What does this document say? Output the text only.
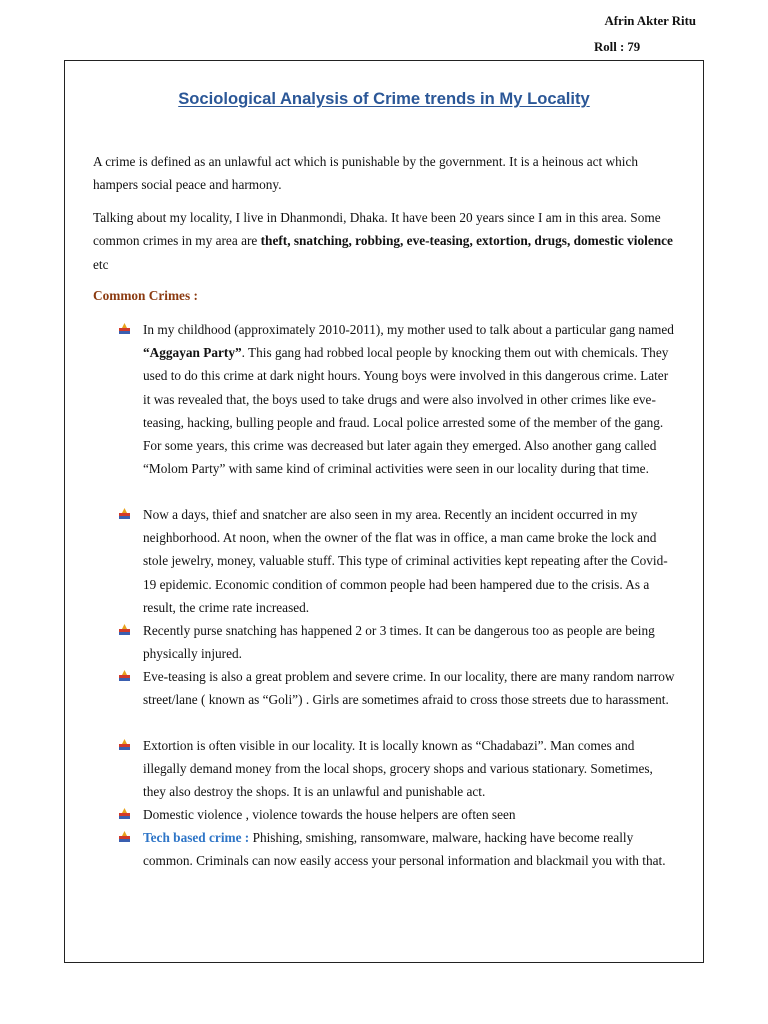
Afrin Akter Ritu
Roll : 79
Sociological Analysis of Crime trends in My Locality

A crime is defined as an unlawful act which is punishable by the government. It is a heinous act which hampers social peace and harmony.

Talking about my locality, I live in Dhanmondi, Dhaka. It have been 20 years since I am in this area. Some common crimes in my area are theft, snatching, robbing, eve-teasing, extortion, drugs, domestic violence etc

Common Crimes :
In my childhood (approximately 2010-2011), my mother used to talk about a particular gang named “Aggayan Party”. This gang had robbed local people by knocking them out with chemicals. They used to do this crime at dark night hours. Young boys were involved in this dangerous crime. Later it was revealed that, the boys used to take drugs and were also involved in other crimes like eve-teasing, hacking, bulling people and fraud. Local police arrested some of the member of the gang. For some years, this crime was decreased but later again they emerged. Also another gang called “Molom Party” with same kind of criminal activities were seen in our locality during that time.
Now a days, thief and snatcher are also seen in my area. Recently an incident occurred in my neighborhood. At noon, when the owner of the flat was in office, a man came broke the lock and stole jewelry, money, valuable stuff. This type of criminal activities kept repeating after the Covid-19 epidemic. Economic condition of common people had been hampered due to the crisis. As a result, the crime rate increased.
Recently purse snatching has happened 2 or 3 times. It can be dangerous too as people are being physically injured.
Eve-teasing is also a great problem and severe crime. In our locality, there are many random narrow street/lane ( known as “Goli”) . Girls are sometimes afraid to cross those streets due to harassment.
Extortion is often visible in our locality. It is locally known as “Chadabazi”. Man comes and illegally demand money from the local shops, grocery shops and various stationary. Sometimes, they also destroy the shops. It is an unlawful and punishable act.
Domestic violence , violence towards the house helpers are often seen
Tech based crime : Phishing, smishing, ransomware, malware, hacking have become really common. Criminals can now easily access your personal information and blackmail you with that.
